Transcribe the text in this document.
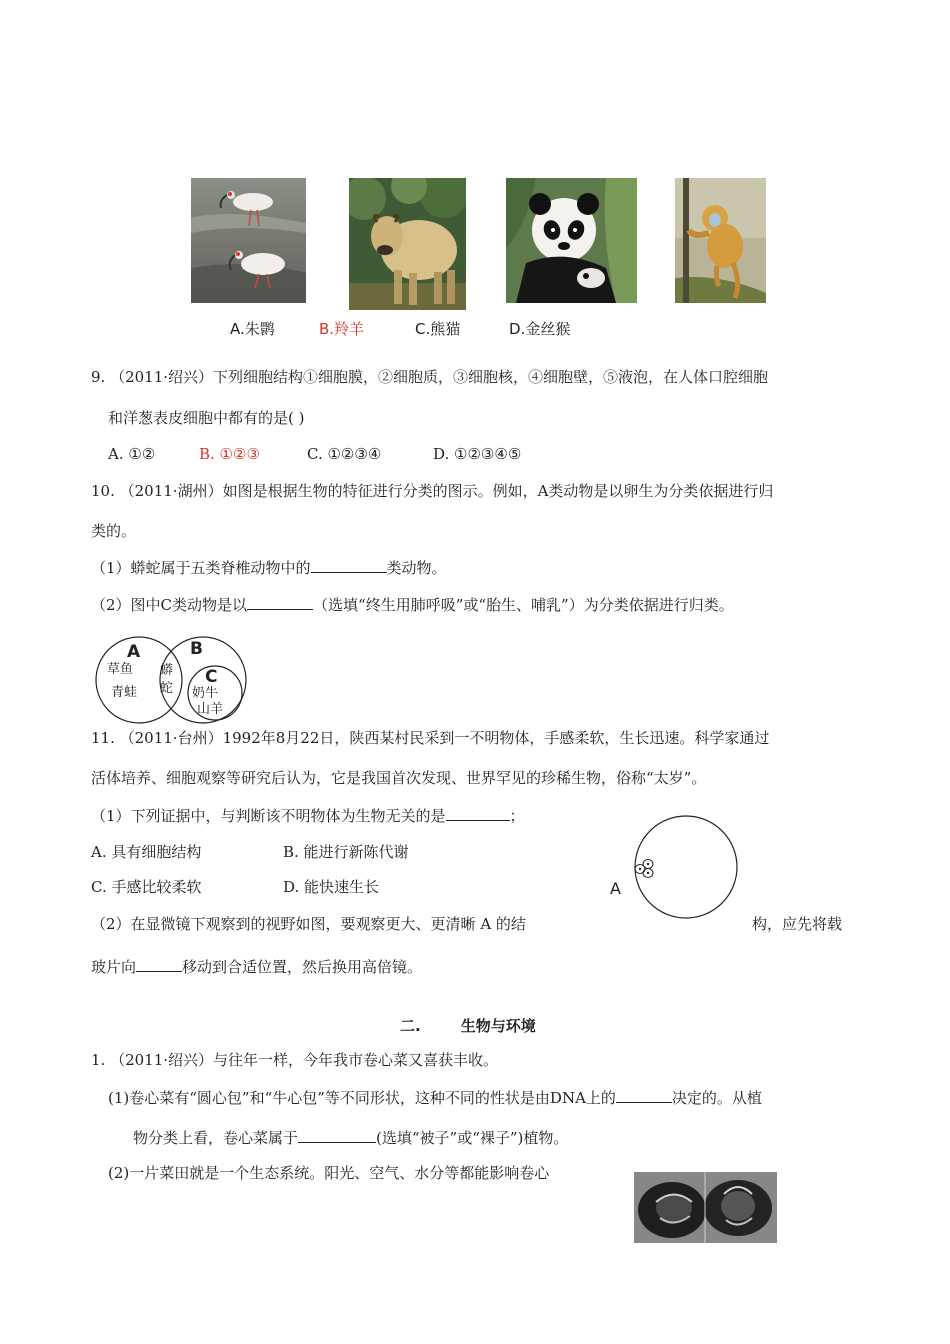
A.朱鹮	B.羚羊	C.熊猫	D.金丝猴
9. （2011·绍兴）下列细胞结构①细胞膜，②细胞质，③细胞核，④细胞壁，⑤液泡，在人体口腔细胞
和洋葱表皮细胞中都有的是( )
A. ①②	B. ①②③	C. ①②③④	D. ①②③④⑤
10. （2011·湖州）如图是根据生物的特征进行分类的图示。例如，A类动物是以卵生为分类依据进行归
类的。
（1）蟒蛇属于五类脊椎动物中的	类动物。
（2）图中C类动物是以	（选填“终生用肺呼吸”或“胎生、哺乳”）为分类依据进行归类。
A	B
C
草鱼
青蛙
蟒
蛇 奶牛
山羊
11. （2011·台州）1992年8月22日，陕西某村民采到一不明物体，手感柔软，生长迅速。科学家通过
活体培养、细胞观察等研究后认为，它是我国首次发现、世界罕见的珍稀生物，俗称“太岁”。
（1）下列证据中，与判断该不明物体为生物无关的是	；
A. 具有细胞结构	B. 能进行新陈代谢
C. 手感比较柔软	D. 能快速生长	A
（2）在显微镜下观察到的视野如图，要观察更大、更清晰 A 的结	构，应先将载
玻片向	移动到合适位置，然后换用高倍镜。
二.	生物与环境
1. （2011·绍兴）与往年一样，今年我市卷心菜又喜获丰收。
(1)卷心菜有“圆心包”和“牛心包”等不同形状，这种不同的性状是由DNA上的	决定的。从植
物分类上看，卷心菜属于	(选填“被子”或“裸子”)植物。
(2)一片菜田就是一个生态系统。阳光、空气、水分等都能影响卷心
